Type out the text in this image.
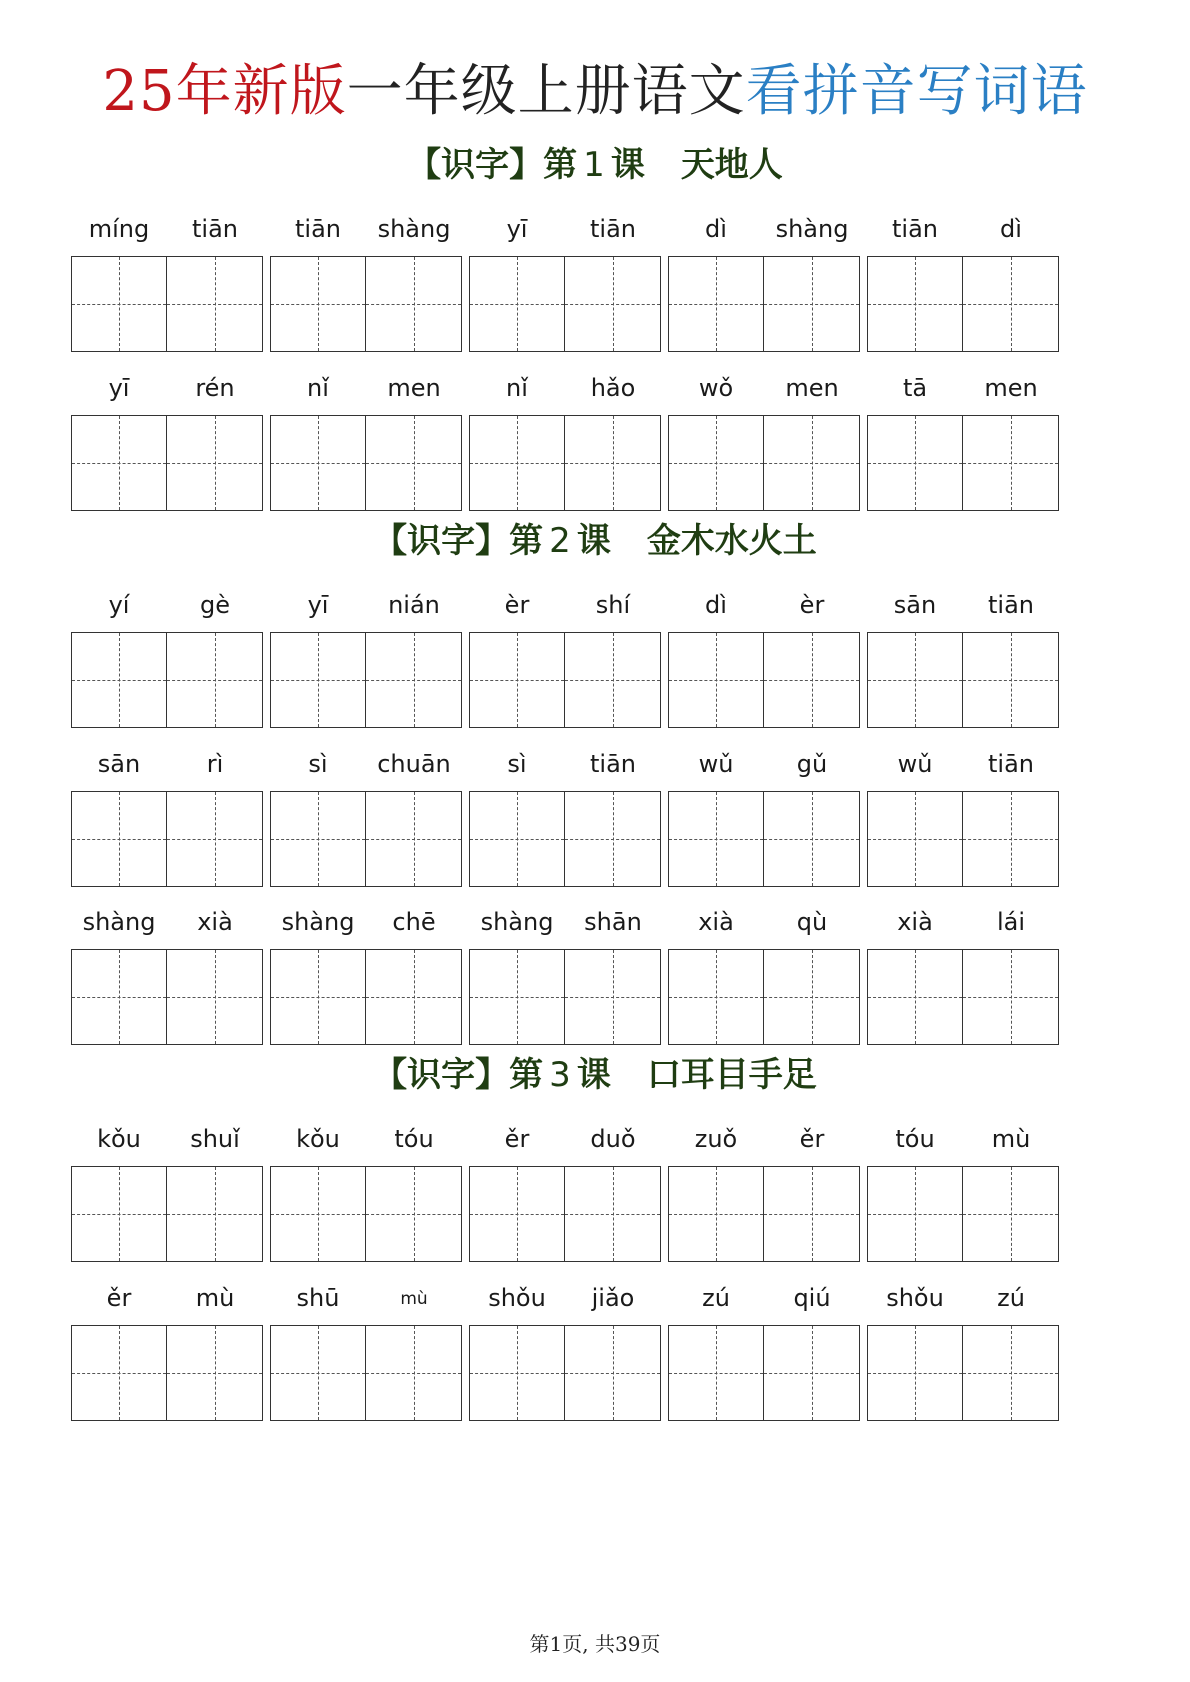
25年新版一年级上册语文看拼音写词语
【识字】第 1 课 天地人
míng	tiān	tiān	shàng	yī	tiān	dì	shàng	tiān	dì
yī	rén	nǐ	men	nǐ	hǎo	wǒ	men	tā	men
【识字】第 2 课 金木水火土
yí	gè	yī	nián	èr	shí	dì	èr	sān	tiān
sān	rì	sì	chuān	sì	tiān	wǔ	gǔ	wǔ	tiān
shàng	xià	shàng	chē	shàng	shān	xià	qù	xià	lái
【识字】第 3 课 口耳目手足
kǒu	shuǐ	kǒu	tóu	ěr	duǒ	zuǒ	ěr	tóu	mù
ěr	mù	shū	mù	shǒu	jiǎo	zú	qiú	shǒu	zú
第1页, 共39页
